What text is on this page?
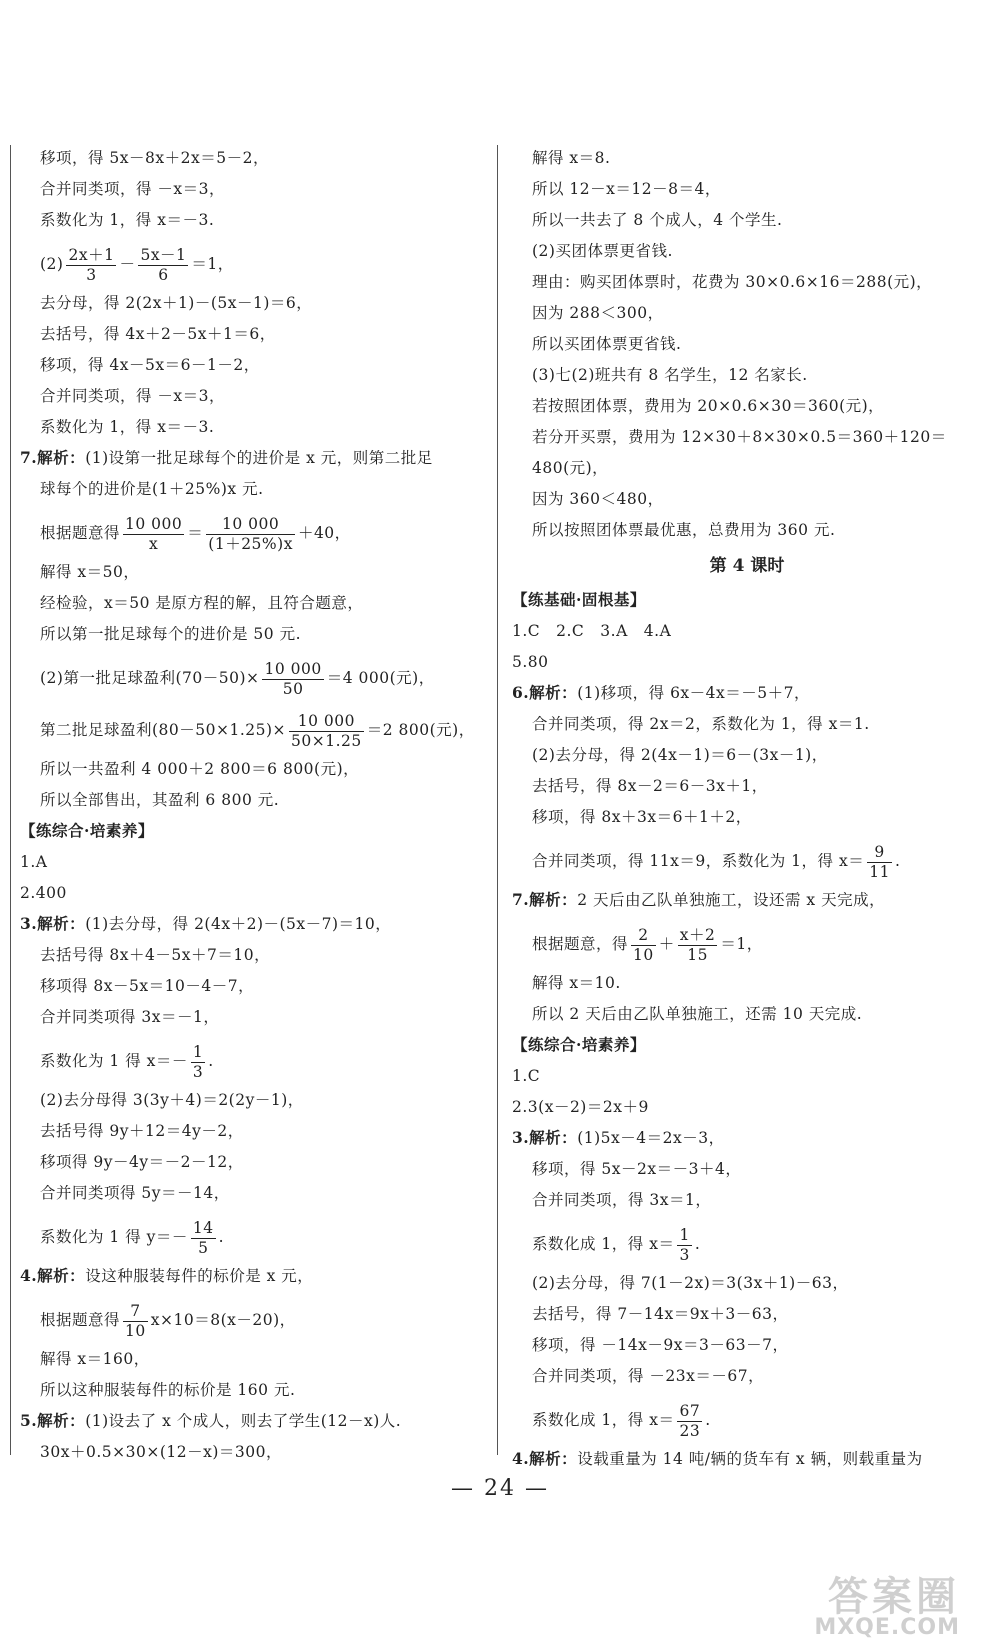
移项，得 5x－8x＋2x＝5－2，
合并同类项，得 －x＝3，
系数化为 1，得 x＝－3.
$(2) \frac{2x+1}{3} - \frac{5x-1}{6} =1$，
去分母，得 2(2x＋1)－(5x－1)＝6，
去括号，得 4x＋2－5x＋1＝6，
移项，得 4x－5x＝6－1－2，
合并同类项，得 －x＝3，
系数化为 1，得 x＝－3.
7.解析：(1)设第一批足球每个的进价是 x 元，则第二批足
球每个的进价是(1＋25%)x 元.
根据题意得 $\frac{10 000}{x} = \frac{10 000}{(1+25\%)x} +40$，
解得 x＝50，
经检验，x＝50 是原方程的解，且符合题意，
所以第一批足球每个的进价是 50 元.
(2)第一批足球盈利$(70-50)\times \frac{10 000}{50} =4$ 000(元)，
第二批足球盈利$(80-50\times 1.25)\times \frac{10 000}{50\times 1.25} =2$ 800(元)，
所以一共盈利 4 000＋2 800＝6 800(元)，
所以全部售出，其盈利 6 800 元.
【练综合·培素养】
1.A
2.400
3.解析：(1)去分母，得 2(4x＋2)－(5x－7)＝10，
去括号得 8x＋4－5x＋7＝10，
移项得 8x－5x＝10－4－7，
合并同类项得 3x＝－1，
系数化为 1 得 $x=- \frac{1}{3}$ .
(2)去分母得 3(3y＋4)＝2(2y－1)，
去括号得 9y＋12＝4y－2，
移项得 9y－4y＝－2－12，
合并同类项得 5y＝－14，
系数化为 1 得 $y=- \frac{14}{5}$ .
4.解析：设这种服装每件的标价是 x 元，
根据题意得 $\frac{7}{10} x\times 10=8(x-20)$，
解得 x＝160，
所以这种服装每件的标价是 160 元.
5.解析：(1)设去了 x 个成人，则去了学生(12－x)人.
30x＋0.5×30×(12－x)＝300，
解得 x＝8.
所以 12－x＝12－8＝4，
所以一共去了 8 个成人，4 个学生.
(2)买团体票更省钱.
理由：购买团体票时，花费为 30×0.6×16＝288(元)，
因为 288＜300，
所以买团体票更省钱.
(3)七(2)班共有 8 名学生，12 名家长.
若按照团体票，费用为 20×0.6×30＝360(元)，
若分开买票，费用为 12×30＋8×30×0.5＝360＋120＝
480(元)，
因为 360＜480，
所以按照团体票最优惠，总费用为 360 元.
第 4 课时
【练基础·固根基】
1.C　2.C　3.A　4.A
5.80
6.解析：(1)移项，得 6x－4x＝－5＋7，
合并同类项，得 2x＝2，系数化为 1，得 x＝1.
(2)去分母，得 2(4x－1)＝6－(3x－1)，
去括号，得 8x－2＝6－3x＋1，
移项，得 8x＋3x＝6＋1＋2，
合并同类项，得 11x＝9，系数化为 1，得 $x= \frac{9}{11}$ .
7.解析：2 天后由乙队单独施工，设还需 x 天完成，
根据题意，得 $\frac{2}{10} + \frac{x+2}{15} =1$，
解得 x＝10.
所以 2 天后由乙队单独施工，还需 10 天完成.
【练综合·培素养】
1.C
2.3(x－2)＝2x＋9
3.解析：(1)5x－4＝2x－3，
移项，得 5x－2x＝－3＋4，
合并同类项，得 3x＝1，
系数化成 1，得 $x= \frac{1}{3}$ .
(2)去分母，得 7(1－2x)＝3(3x＋1)－63，
去括号，得 7－14x＝9x＋3－63，
移项，得 －14x－9x＝3－63－7，
合并同类项，得 －23x＝－67，
系数化成 1，得 $x= \frac{67}{23}$ .
4.解析：设载重量为 14 吨/辆的货车有 x 辆，则载重量为
— 24 —
答案圈
MXQE.COM
